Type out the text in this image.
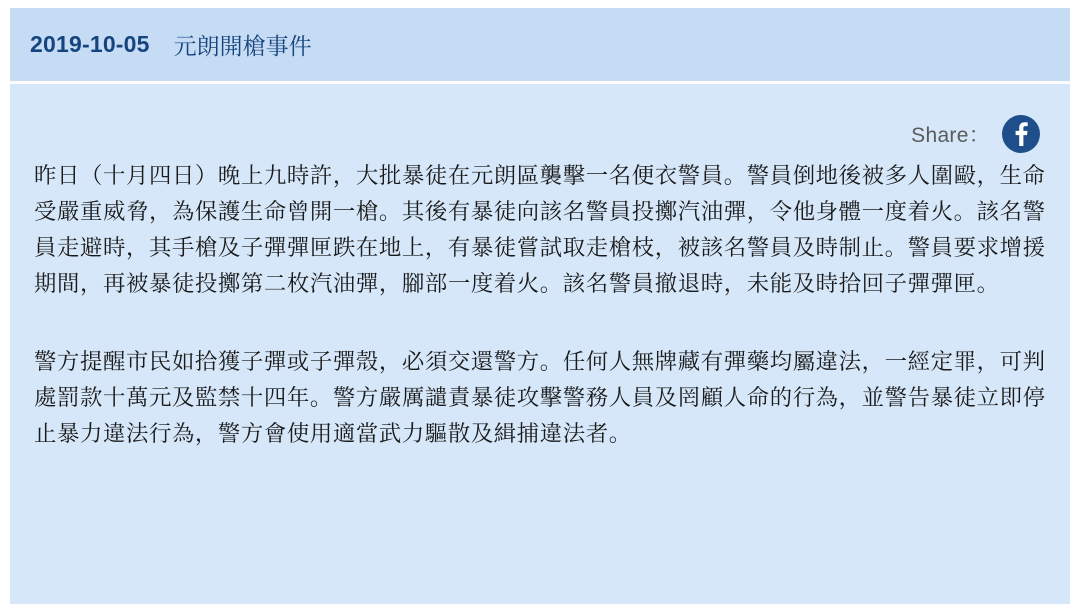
2019-10-05 元朗開槍事件
Share：

昨日（十月四日）晚上九時許，大批暴徒在元朗區襲擊一名便衣警員。警員倒地後被多人圍毆，生命受嚴重威脅，為保護生命曾開一槍。其後有暴徒向該名警員投擲汽油彈，令他身體一度着火。該名警員走避時，其手槍及子彈彈匣跌在地上，有暴徒嘗試取走槍枝，被該名警員及時制止。警員要求增援期間，再被暴徒投擲第二枚汽油彈，腳部一度着火。該名警員撤退時，未能及時拾回子彈彈匣。

警方提醒市民如拾獲子彈或子彈殼，必須交還警方。任何人無牌藏有彈藥均屬違法，一經定罪，可判處罰款十萬元及監禁十四年。警方嚴厲譴責暴徒攻擊警務人員及罔顧人命的行為，並警告暴徒立即停止暴力違法行為，警方會使用適當武力驅散及緝捕違法者。
